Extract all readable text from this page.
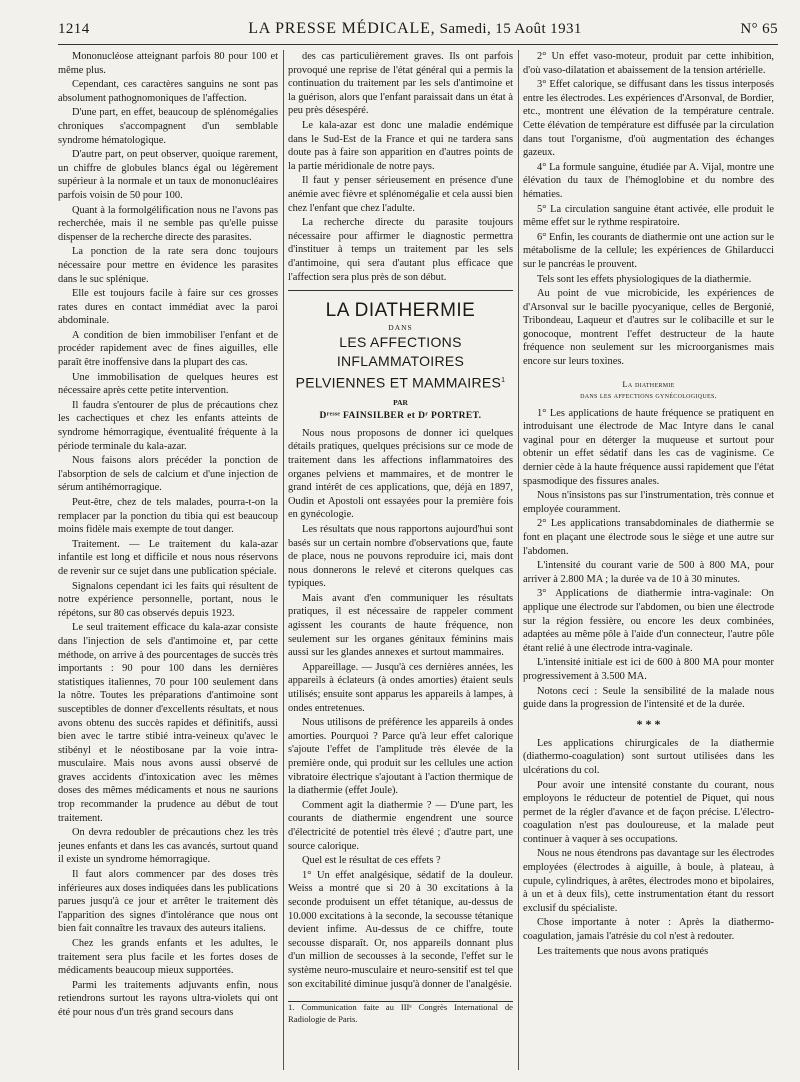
1214	LA PRESSE MÉDICALE, Samedi, 15 Août 1931	N° 65

Mononucléose atteignant parfois 80 pour 100 et même plus.

Cependant, ces caractères sanguins ne sont pas absolument pathognomoniques de l'affection.

D'une part, en effet, beaucoup de splénomégalies chroniques s'accompagnent d'un semblable syndrome hématologique.

D'autre part, on peut observer, quoique rarement, un chiffre de globules blancs égal ou légèrement supérieur à la normale et un taux de mononucléaires parfois voisin de 50 pour 100.

Quant à la formolgélification nous ne l'avons pas recherchée, mais il ne semble pas qu'elle puisse dispenser de la recherche directe des parasites.

La ponction de la rate sera donc toujours nécessaire pour mettre en évidence les parasites dans le suc splénique.

Elle est toujours facile à faire sur ces grosses rates dures en contact immédiat avec la paroi abdominale.

A condition de bien immobiliser l'enfant et de procéder rapidement avec de fines aiguilles, elle paraît être inoffensive dans la plupart des cas.

Une immobilisation de quelques heures est nécessaire après cette petite intervention.

Il faudra s'entourer de plus de précautions chez les cachectiques et chez les enfants atteints de syndrome hémorragique, éventualité fréquente à la période terminale du kala-azar.

Nous faisons alors précéder la ponction de l'absorption de sels de calcium et d'une injection de sérum antihémorragique.

Peut-être, chez de tels malades, pourra-t-on la remplacer par la ponction du tibia qui est beaucoup moins fidèle mais exempte de tout danger.

Traitement. — Le traitement du kala-azar infantile est long et difficile et nous nous réservons de revenir sur ce sujet dans une publication spéciale.

Signalons cependant ici les faits qui résultent de notre expérience personnelle, portant, nous le répétons, sur 80 cas observés depuis 1923.

Le seul traitement efficace du kala-azar consiste dans l'injection de sels d'antimoine et, par cette méthode, on arrive à des pourcentages de succès très importants : 90 pour 100 dans les dernières statistiques italiennes, 70 pour 100 seulement dans la nôtre. Toutes les préparations d'antimoine sont susceptibles de donner d'excellents résultats, et nous avons obtenu des succès rapides et définitifs, aussi bien avec le tartre stibié intra-veineux qu'avec le stibényl et le néostibosane par la voie intra-musculaire. Mais nous avons aussi observé de graves accidents d'intoxication avec les mêmes doses des mêmes médicaments et nous ne saurions trop recommander la prudence au début de tout traitement.

On devra redoubler de précautions chez les très jeunes enfants et dans les cas avancés, surtout quand il existe un syndrome hémorragique.

Il faut alors commencer par des doses très inférieures aux doses indiquées dans les publications parues jusqu'à ce jour et arrêter le traitement dès l'apparition des signes d'intolérance que nous ont bien fait connaître les travaux des auteurs italiens.

Chez les grands enfants et les adultes, le traitement sera plus facile et les fortes doses de médicaments beaucoup mieux supportées.

Parmi les traitements adjuvants enfin, nous retiendrons surtout les rayons ultra-violets qui ont été pour nous d'un très grand secours dans

des cas particulièrement graves. Ils ont parfois provoqué une reprise de l'état général qui a permis la continuation du traitement par les sels d'antimoine et la guérison, alors que l'enfant paraissait dans un état à peu près désespéré.

Le kala-azar est donc une maladie endémique dans le Sud-Est de la France et qui ne tardera sans doute pas à faire son apparition en d'autres points de la partie méridionale de notre pays.

Il faut y penser sérieusement en présence d'une anémie avec fièvre et splénomégalie et cela aussi bien chez l'enfant que chez l'adulte.

La recherche directe du parasite toujours nécessaire pour affirmer le diagnostic permettra d'instituer à temps un traitement par les sels d'antimoine, qui sera d'autant plus efficace que l'affection sera plus près de son début.

LA DIATHERMIE
DANS
LES AFFECTIONS INFLAMMATOIRES
PELVIENNES ET MAMMAIRES$^1$
PAR
Dʳᵉˢˢᵉ FAINSILBER et Dʳ PORTRET.

Nous nous proposons de donner ici quelques détails pratiques, quelques précisions sur ce mode de traitement dans les affections inflammatoires des organes pelviens et mammaires, et de montrer le grand intérêt de ces applications, que, déjà en 1897, Oudin et Apostoli ont essayées pour la première fois en gynécologie.

Les résultats que nous rapportons aujourd'hui sont basés sur un certain nombre d'observations que, faute de place, nous ne pouvons reproduire ici, mais dont nous donnerons le relevé et citerons quelques cas typiques.

Mais avant d'en communiquer les résultats pratiques, il est nécessaire de rappeler comment agissent les courants de haute fréquence, non seulement sur les organes génitaux féminins mais aussi sur les glandes annexes et surtout mammaires.

Appareillage. — Jusqu'à ces dernières années, les appareils à éclateurs (à ondes amorties) étaient seuls utilisés; ensuite sont apparus les appareils à lampes, à ondes entretenues.

Nous utilisons de préférence les appareils à ondes amorties. Pourquoi ? Parce qu'à leur effet calorique s'ajoute l'effet de l'amplitude très élevée de la première onde, qui produit sur les cellules une action vibratoire électrique s'ajoutant à l'action thermique de la diathermie (effet Joule).

Comment agit la diathermie ? — D'une part, les courants de diathermie engendrent une source d'électricité de potentiel très élevé ; d'autre part, une source calorique.

Quel est le résultat de ces effets ?

1° Un effet analgésique, sédatif de la douleur. Weiss a montré que si 20 à 30 excitations à la seconde produisent un effet tétanique, au-dessus de 10.000 excitations à la seconde, la secousse tétanique devient infime. Au-dessus de ce chiffre, toute secousse disparaît. Or, nos appareils donnant plus d'un million de secousses à la seconde, l'effet sur le système neuro-musculaire et neuro-sensitif est tel que son excitabilité diminue jusqu'à donner de l'analgésie.

1. Communication faite au IIIᵉ Congrès International de Radiologie de Paris.

2° Un effet vaso-moteur, produit par cette inhibition, d'où vaso-dilatation et abaissement de la tension artérielle.

3° Effet calorique, se diffusant dans les tissus interposés entre les électrodes. Les expériences d'Arsonval, de Bordier, etc., montrent une élévation de la température centrale. Cette élévation de température est diffusée par la circulation dans tout l'organisme, d'où augmentation des échanges gazeux.

4° La formule sanguine, étudiée par A. Vijal, montre une élévation du taux de l'hémoglobine et du nombre des hématies.

5° La circulation sanguine étant activée, elle produit le même effet sur le rythme respiratoire.

6° Enfin, les courants de diathermie ont une action sur le métabolisme de la cellule; les expériences de Ghilarducci sur le pancréas le prouvent.

Tels sont les effets physiologiques de la diathermie.

Au point de vue microbicide, les expériences de d'Arsonval sur le bacille pyocyanique, celles de Bergonié, Tribondeau, Laqueur et d'autres sur le colibacille et sur le gonocoque, montrent l'effet destructeur de la haute fréquence non seulement sur les microorganismes mais encore sur leurs toxines.

La diathermie
dans les affections gynécologiques.

1° Les applications de haute fréquence se pratiquent en introduisant une électrode de Mac Intyre dans le canal vaginal pour en déterger la muqueuse et surtout pour obtenir un effet sédatif dans les cas de vaginisme. Ce dernier cède à la haute fréquence aussi rapidement que l'état spasmodique des fissures anales.

Nous n'insistons pas sur l'instrumentation, très connue et employée couramment.

2° Les applications transabdominales de diathermie se font en plaçant une électrode sous le siège et une autre sur l'abdomen.

L'intensité du courant varie de 500 à 800 MA, pour arriver à 2.800 MA ; la durée va de 10 à 30 minutes.

3° Applications de diathermie intra-vaginale: On applique une électrode sur l'abdomen, ou bien une électrode sur la région fessière, ou encore les deux combinées, adaptées au même pôle à l'aide d'un connecteur, l'autre pôle étant relié à une électrode intra-vaginale.

L'intensité initiale est ici de 600 à 800 MA pour monter progressivement à 3.500 MA.

Notons ceci : Seule la sensibilité de la malade nous guide dans la progression de l'intensité et de la durée.

* * *

Les applications chirurgicales de la diathermie (diathermo-coagulation) sont surtout utilisées dans les ulcérations du col.

Pour avoir une intensité constante du courant, nous employons le réducteur de potentiel de Piquet, qui nous permet de la régler d'avance et de façon précise. L'électro-coagulation n'est pas douloureuse, et la malade peut continuer à vaquer à ses occupations.

Nous ne nous étendrons pas davantage sur les électrodes employées (électrodes à aiguille, à boule, à plateau, à cupule, cylindriques, à arêtes, électrodes mono et bipolaires, à un et à deux fils), cette instrumentation étant du ressort exclusif du spécialiste.

Chose importante à noter : Après la diathermo-coagulation, jamais l'atrésie du col n'est à redouter.

Les traitements que nous avons pratiqués
